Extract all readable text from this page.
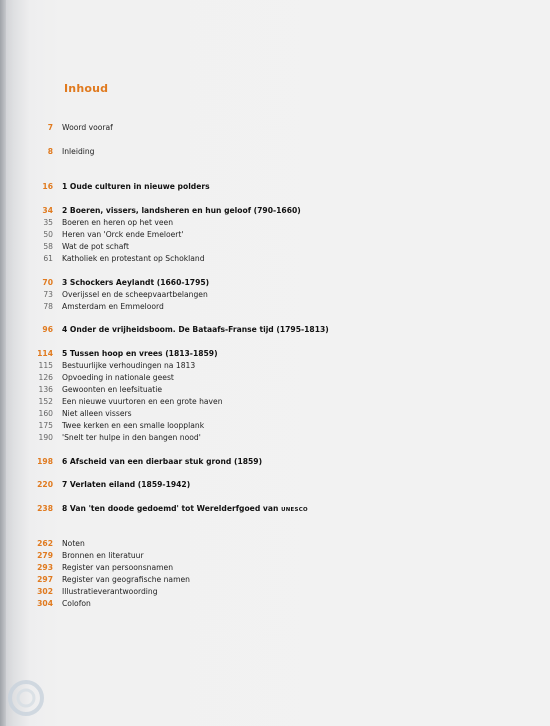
Inhoud
7 Woord vooraf
8 Inleiding
16 1 Oude culturen in nieuwe polders
34 2 Boeren, vissers, landsheren en hun geloof (790-1660)
35 Boeren en heren op het veen
50 Heren van 'Orck ende Emeloert'
58 Wat de pot schaft
61 Katholiek en protestant op Schokland
70 3 Schockers Aeylandt (1660-1795)
73 Overijssel en de scheepvaartbelangen
78 Amsterdam en Emmeloord
96 4 Onder de vrijheidsboom. De Bataafs-Franse tijd (1795-1813)
114 5 Tussen hoop en vrees (1813-1859)
115 Bestuurlijke verhoudingen na 1813
126 Opvoeding in nationale geest
136 Gewoonten en leefsituatie
152 Een nieuwe vuurtoren en een grote haven
160 Niet alleen vissers
175 Twee kerken en een smalle loopplank
190 'Snelt ter hulpe in den bangen nood'
198 6 Afscheid van een dierbaar stuk grond (1859)
220 7 Verlaten eiland (1859-1942)
238 8 Van 'ten doode gedoemd' tot Werelderfgoed van UNESCO
262 Noten
279 Bronnen en literatuur
293 Register van persoonsnamen
297 Register van geografische namen
302 Illustratieverantwoording
304 Colofon
